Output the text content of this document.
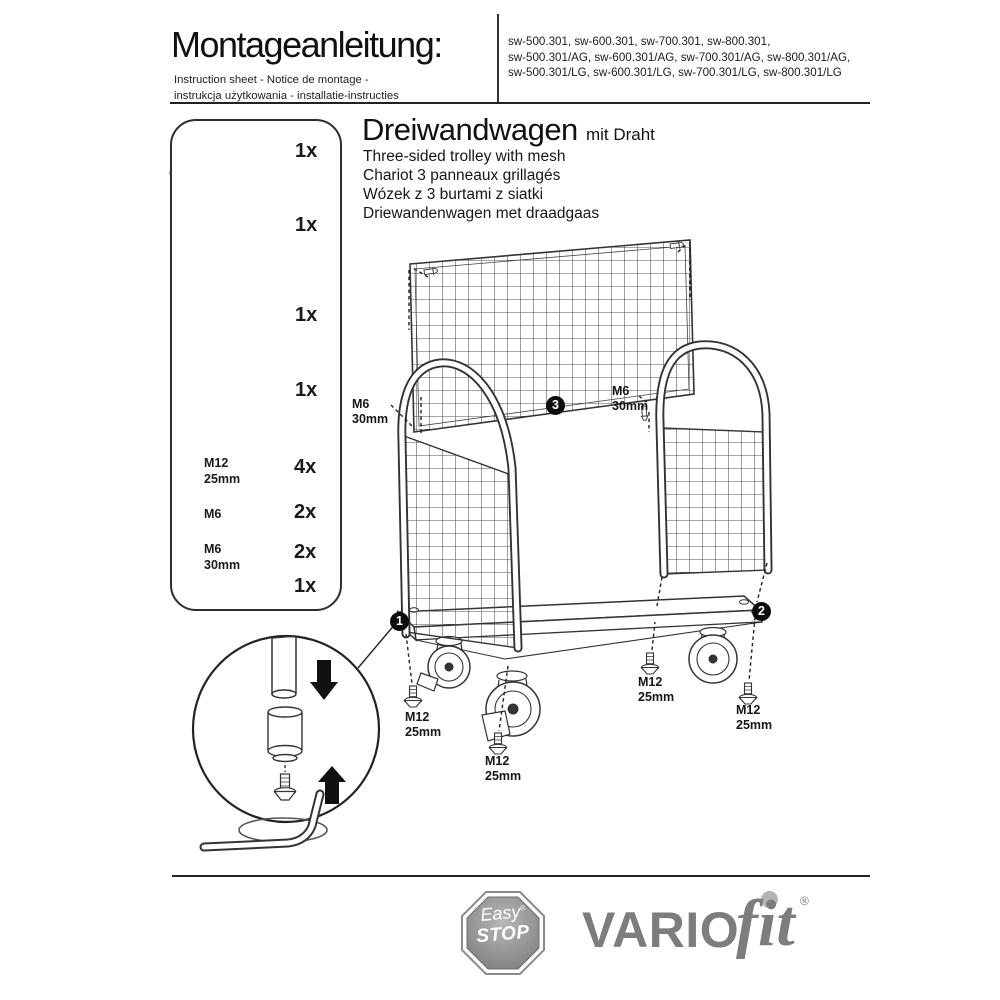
Montageanleitung:
Instruction sheet - Notice de montage -
instrukcja użytkowania - installatie-instructies
sw-500.301, sw-600.301, sw-700.301, sw-800.301,
sw-500.301/AG, sw-600.301/AG, sw-700.301/AG, sw-800.301/AG,
sw-500.301/LG, sw-600.301/LG, sw-700.301/LG, sw-800.301/LG
1x
1x
1x
1x
4x
2x
2x
1x
M12
25mm
M6
M6
30mm
Dreiwandwagen mit Draht
Three-sided trolley with mesh
Chariot 3 panneaux grillagés
Wózek z 3 burtami z siatki
Driewandenwagen met draadgaas
M6
30mm
M6
30mm
M12
25mm
M12
25mm
M12
25mm
M12
25mm
1
2
3
Easy®
STOP VARIO
fit ®
